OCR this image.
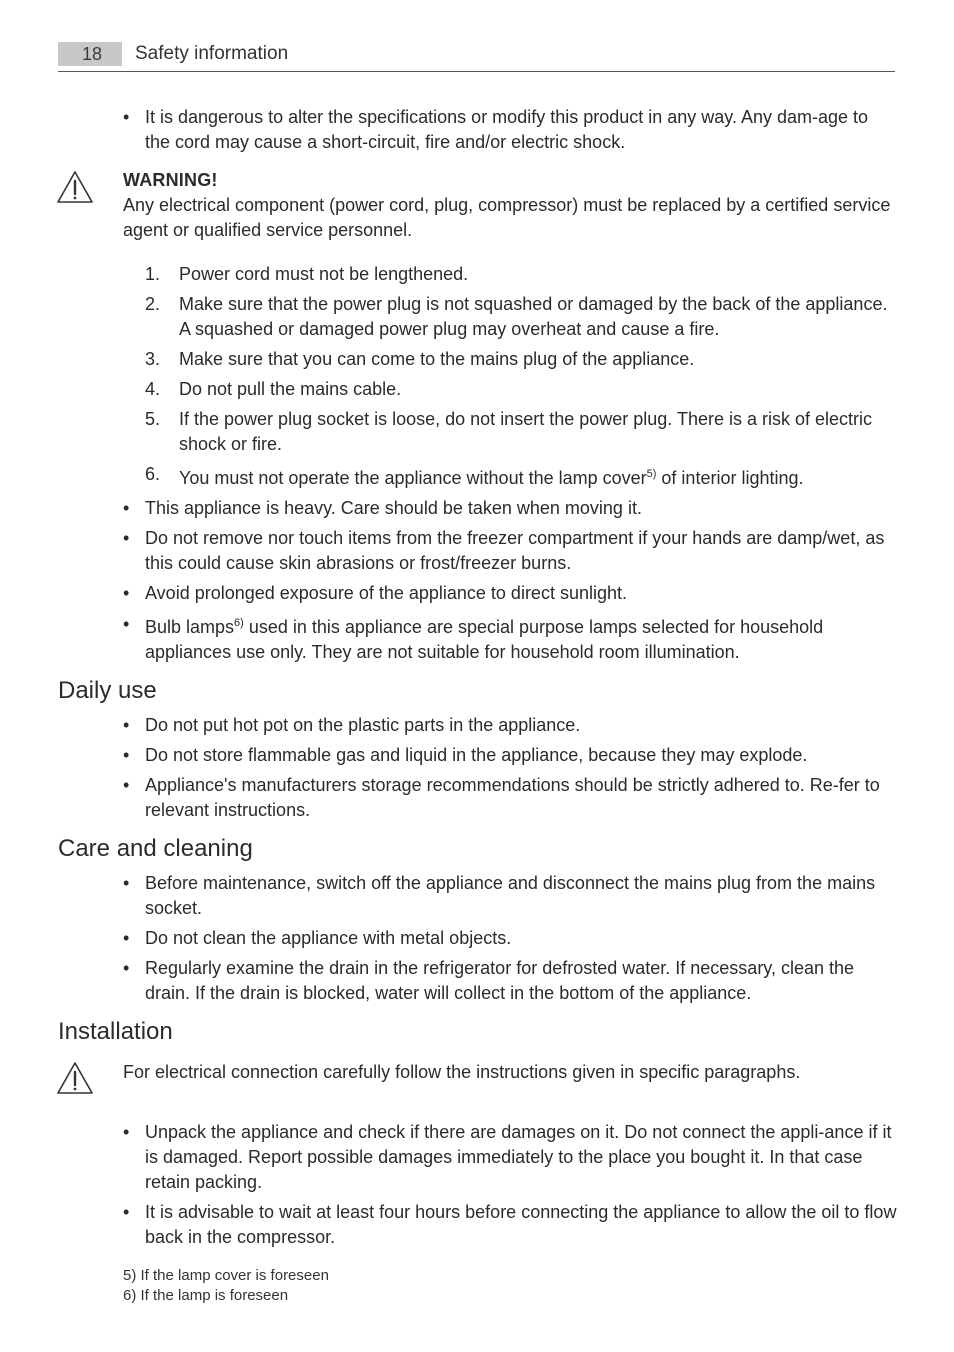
18	Safety information
• It is dangerous to alter the specifications or modify this product in any way. Any dam-age to the cord may cause a short-circuit, fire and/or electric shock.
WARNING!
Any electrical component (power cord, plug, compressor) must be replaced by a certified service agent or qualified service personnel.
1.	Power cord must not be lengthened.
2.	Make sure that the power plug is not squashed or damaged by the back of the appliance. A squashed or damaged power plug may overheat and cause a fire.
3.	Make sure that you can come to the mains plug of the appliance.
4.	Do not pull the mains cable.
5.	If the power plug socket is loose, do not insert the power plug. There is a risk of electric shock or fire.
6.	You must not operate the appliance without the lamp cover$^{5)}$ of interior lighting.
• This appliance is heavy. Care should be taken when moving it.
• Do not remove nor touch items from the freezer compartment if your hands are damp/wet, as this could cause skin abrasions or frost/freezer burns.
• Avoid prolonged exposure of the appliance to direct sunlight.
• Bulb lamps$^{6)}$ used in this appliance are special purpose lamps selected for household appliances use only. They are not suitable for household room illumination.
Daily use
• Do not put hot pot on the plastic parts in the appliance.
• Do not store flammable gas and liquid in the appliance, because they may explode.
• Appliance's manufacturers storage recommendations should be strictly adhered to. Re-fer to relevant instructions.
Care and cleaning
• Before maintenance, switch off the appliance and disconnect the mains plug from the mains socket.
• Do not clean the appliance with metal objects.
• Regularly examine the drain in the refrigerator for defrosted water. If necessary, clean the drain. If the drain is blocked, water will collect in the bottom of the appliance.
Installation
For electrical connection carefully follow the instructions given in specific paragraphs.
• Unpack the appliance and check if there are damages on it. Do not connect the appli-ance if it is damaged. Report possible damages immediately to the place you bought it. In that case retain packing.
• It is advisable to wait at least four hours before connecting the appliance to allow the oil to flow back in the compressor.
5) If the lamp cover is foreseen
6) If the lamp is foreseen
